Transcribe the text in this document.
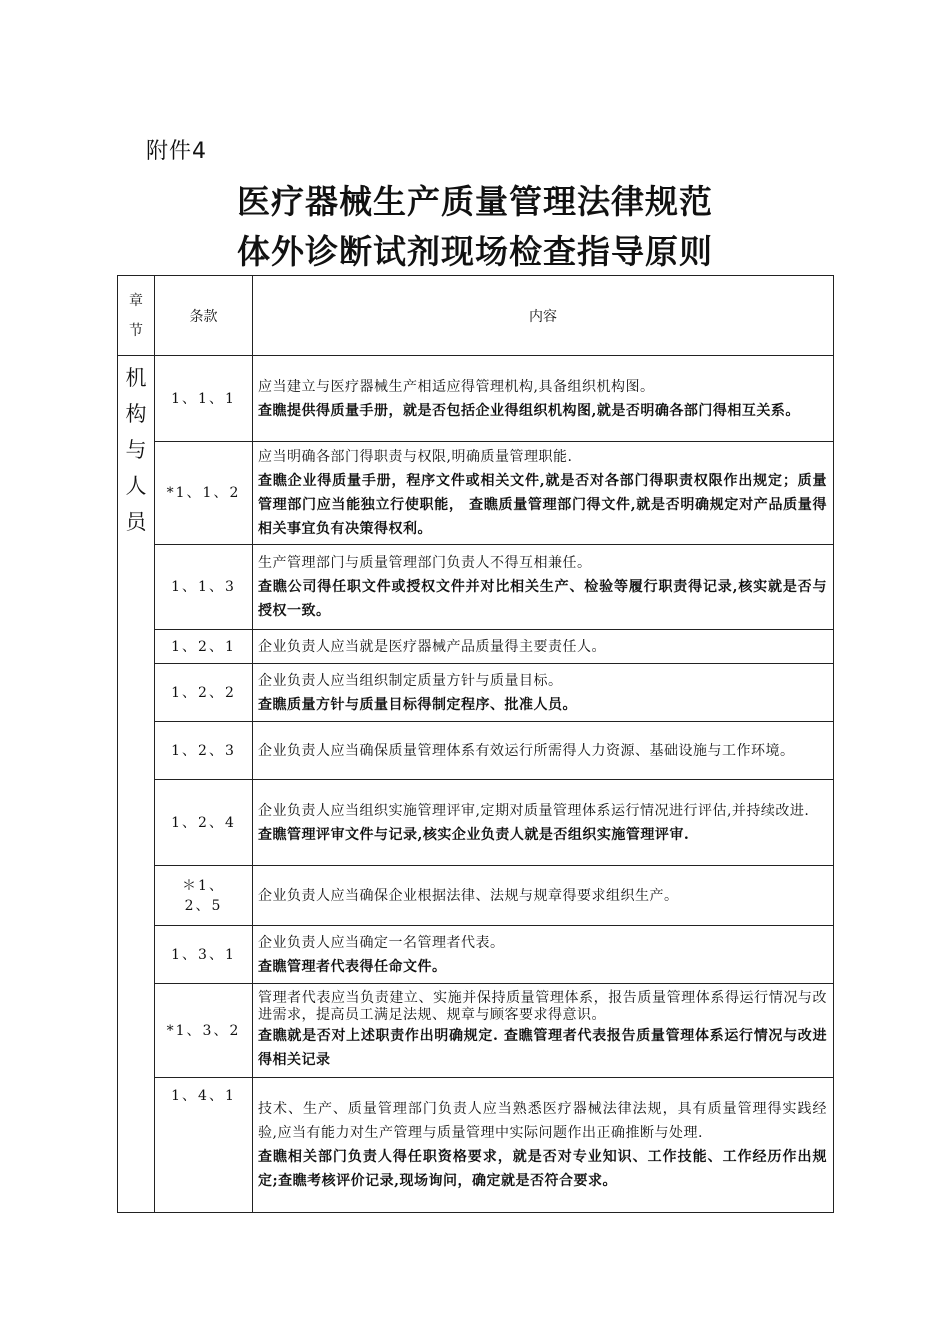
附件4
医疗器械生产质量管理法律规范
体外诊断试剂现场检查指导原则
章节	条款	内容
机构与人员	1、1、1	应当建立与医疗器械生产相适应得管理机构,具备组织机构图。
查瞧提供得质量手册，就是否包括企业得组织机构图,就是否明确各部门得相互关系。

	*1、1、2	应当明确各部门得职责与权限,明确质量管理职能.
查瞧企业得质量手册，程序文件或相关文件,就是否对各部门得职责权限作出规定；质量管理部门应当能独立行使职能， 查瞧质量管理部门得文件,就是否明确规定对产品质量得相关事宜负有决策得权利。

	1、1、3	生产管理部门与质量管理部门负责人不得互相兼任。
查瞧公司得任职文件或授权文件并对比相关生产、检验等履行职责得记录,核实就是否与授权一致。

	1、2、1	企业负责人应当就是医疗器械产品质量得主要责任人。

	1、2、2	企业负责人应当组织制定质量方针与质量目标。
查瞧质量方针与质量目标得制定程序、批准人员。

	1、2、3	企业负责人应当确保质量管理体系有效运行所需得人力资源、基础设施与工作环境。

	1、2、4	企业负责人应当组织实施管理评审,定期对质量管理体系运行情况进行评估,并持续改进.
查瞧管理评审文件与记录,核实企业负责人就是否组织实施管理评审.

	＊1、2、5	企业负责人应当确保企业根据法律、法规与规章得要求组织生产。

	1、3、1	企业负责人应当确定一名管理者代表。
查瞧管理者代表得任命文件。

	*1、3、2	管理者代表应当负责建立、实施并保持质量管理体系，报告质量管理体系得运行情况与改进需求，提高员工满足法规、规章与顾客要求得意识。
查瞧就是否对上述职责作出明确规定. 查瞧管理者代表报告质量管理体系运行情况与改进得相关记录

	1、4、1	技术、生产、质量管理部门负责人应当熟悉医疗器械法律法规，具有质量管理得实践经验,应当有能力对生产管理与质量管理中实际问题作出正确推断与处理.
查瞧相关部门负责人得任职资格要求，就是否对专业知识、工作技能、工作经历作出规定;查瞧考核评价记录,现场询问，确定就是否符合要求。
